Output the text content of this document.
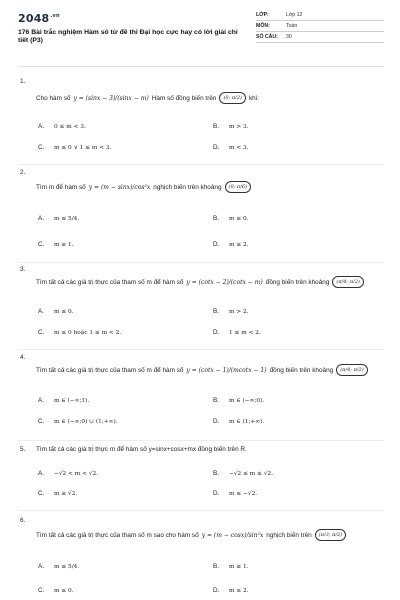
$2048^{.vn}$
176 Bài trắc nghiệm Hàm số từ đề thi Đại học cực hay có lời giải chi tiết (P3)
LỚP:	Lớp 12
MÔN:	Toán
SỐ CÂU:	30
1.
Cho hàm số y = (sinx − 3)/(sinx − m) Hàm số đồng biến trên	(0; π/2)	khi:
A.	0 ≤ m < 3.	B.	m > 3.
C. m ≤ 0 ∨ 1 ≤ m < 3.	D. m < 3.
2.
Tìm m để hàm số y = (m − sinx)/cos²x nghịch biến trên khoảng	(0; π/6)
A.	m ≤ 5/4.	B.	m ≤ 0.
C. m ≥ 1.	D. m ≤ 2.
3.
Tìm tất cả các giá trị thực của tham số m để hàm số y = (cotx − 2)/(cotx − m) đồng biến trên khoảng	(π/4; π/2)
A.	m ≤ 0.	B.	m > 2.
C. m ≤ 0 hoặc 1 ≤ m < 2.	D. 1 ≤ m < 2.
4.
Tìm tất cả các giá trị thực của tham số m để hàm số y = (cotx − 1)/(mcotx − 1) đồng biến trên khoảng	(π/4; π/2)
A.	m ∈ (−∞;1).	B.	m ∈ (−∞;0).
C. m ∈ (−∞;0) ∪ (1;+∞).	D. m ∈ (1;+∞).
5. Tìm tất cả các giá trị thực m để hàm số y=sinx+cosx+mx đồng biến trên R.
A.	−√2 < m < √2.	B.	−√2 ≤ m ≤ √2.
C. m ≥ √2.	D. m ≤ −√2.
6.
Tìm tất cả các giá trị thực của tham số m sao cho hàm số y = (m − cosx)/sin²x nghịch biến trên	(π/3; π/2)
A.	m ≤ 5/4.	B.	m ≥ 1.
C. m ≤ 0.	D. m ≤ 2.
